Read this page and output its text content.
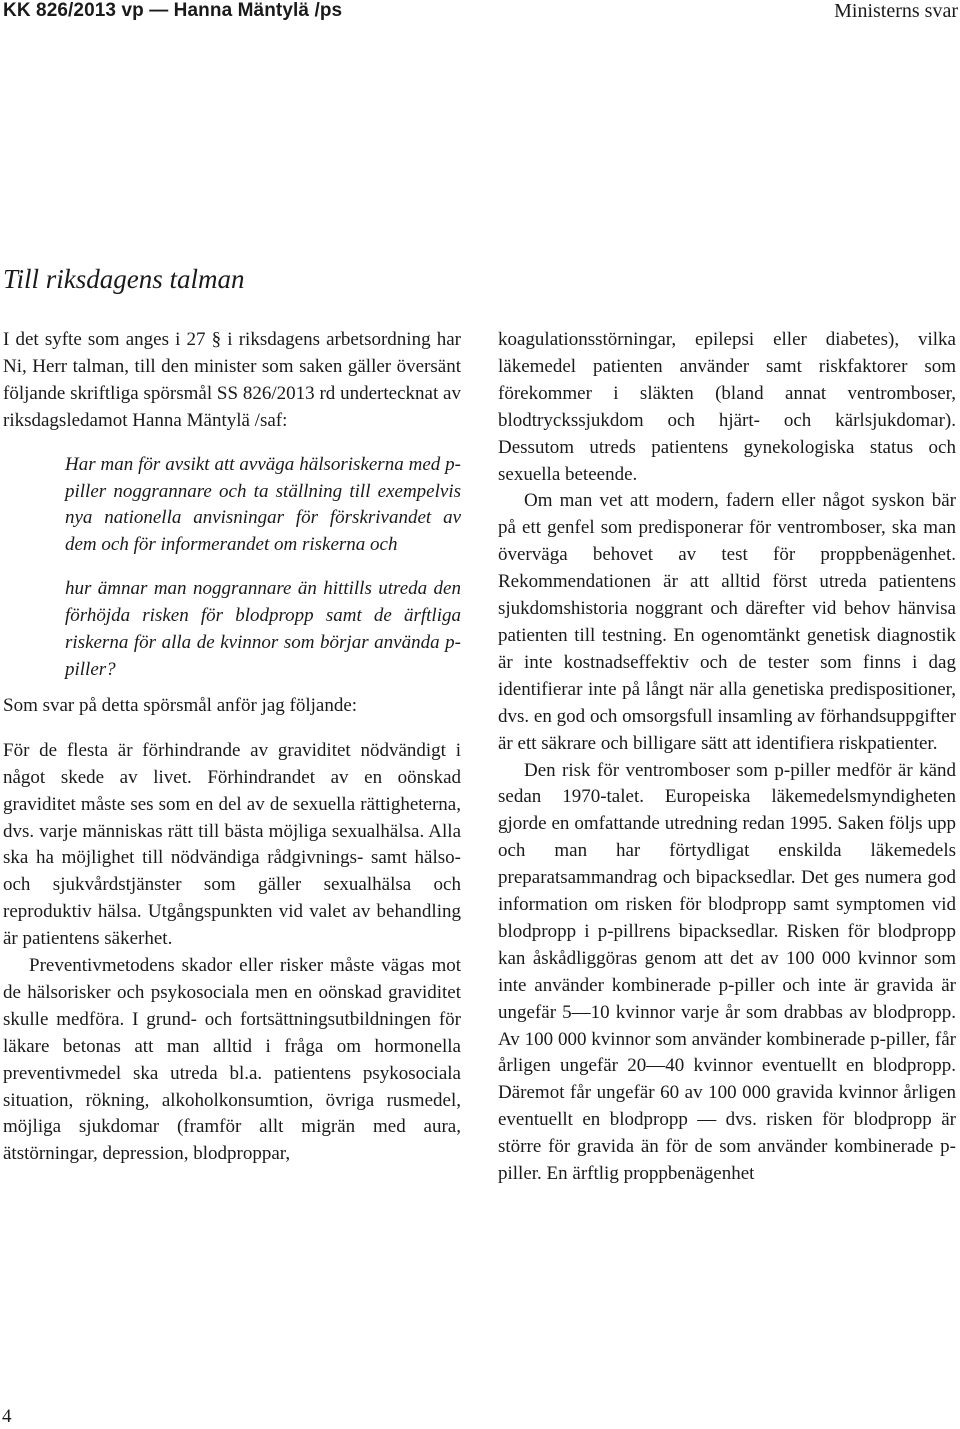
KK 826/2013 vp — Hanna Mäntylä /ps	Ministerns svar
Till riksdagens talman

I det syfte som anges i 27 § i riksdagens arbetsordning har Ni, Herr talman, till den minister som saken gäller översänt följande skriftliga spörsmål SS 826/2013 rd undertecknat av riksdagsledamot Hanna Mäntylä /saf:

Har man för avsikt att avväga hälsoriskerna med p-piller noggrannare och ta ställning till exempelvis nya nationella anvisningar för förskrivandet av dem och för informerandet om riskerna och

hur ämnar man noggrannare än hittills utreda den förhöjda risken för blodpropp samt de ärftliga riskerna för alla de kvinnor som börjar använda p-piller?

Som svar på detta spörsmål anför jag följande:

För de flesta är förhindrande av graviditet nödvändigt i något skede av livet. Förhindrandet av en oönskad graviditet måste ses som en del av de sexuella rättigheterna, dvs. varje människas rätt till bästa möjliga sexualhälsa. Alla ska ha möjlighet till nödvändiga rådgivnings- samt hälso- och sjukvårdstjänster som gäller sexualhälsa och reproduktiv hälsa. Utgångspunkten vid valet av behandling är patientens säkerhet.

Preventivmetodens skador eller risker måste vägas mot de hälsorisker och psykosociala men en oönskad graviditet skulle medföra. I grund- och fortsättningsutbildningen för läkare betonas att man alltid i fråga om hormonella preventivmedel ska utreda bl.a. patientens psykosociala situation, rökning, alkoholkonsumtion, övriga rusmedel, möjliga sjukdomar (framför allt migrän med aura, ätstörningar, depression, blodproppar,

koagulationsstörningar, epilepsi eller diabetes), vilka läkemedel patienten använder samt riskfaktorer som förekommer i släkten (bland annat ventromboser, blodtryckssjukdom och hjärt- och kärlsjukdomar). Dessutom utreds patientens gynekologiska status och sexuella beteende.

Om man vet att modern, fadern eller något syskon bär på ett genfel som predisponerar för ventromboser, ska man överväga behovet av test för proppbenägenhet. Rekommendationen är att alltid först utreda patientens sjukdomshistoria noggrant och därefter vid behov hänvisa patienten till testning. En ogenomtänkt genetisk diagnostik är inte kostnadseffektiv och de tester som finns i dag identifierar inte på långt när alla genetiska predispositioner, dvs. en god och omsorgsfull insamling av förhandsuppgifter är ett säkrare och billigare sätt att identifiera riskpatienter.

Den risk för ventromboser som p-piller medför är känd sedan 1970-talet. Europeiska läkemedelsmyndigheten gjorde en omfattande utredning redan 1995. Saken följs upp och man har förtydligat enskilda läkemedels preparatsammandrag och bipacksedlar. Det ges numera god information om risken för blodpropp samt symptomen vid blodpropp i p-pillrens bipacksedlar. Risken för blodpropp kan åskådliggöras genom att det av 100 000 kvinnor som inte använder kombinerade p-piller och inte är gravida är ungefär 5—10 kvinnor varje år som drabbas av blodpropp. Av 100 000 kvinnor som använder kombinerade p-piller, får årligen ungefär 20—40 kvinnor eventuellt en blodpropp. Däremot får ungefär 60 av 100 000 gravida kvinnor årligen eventuellt en blodpropp — dvs. risken för blodpropp är större för gravida än för de som använder kombinerade p-piller. En ärftlig proppbenägenhet

4
